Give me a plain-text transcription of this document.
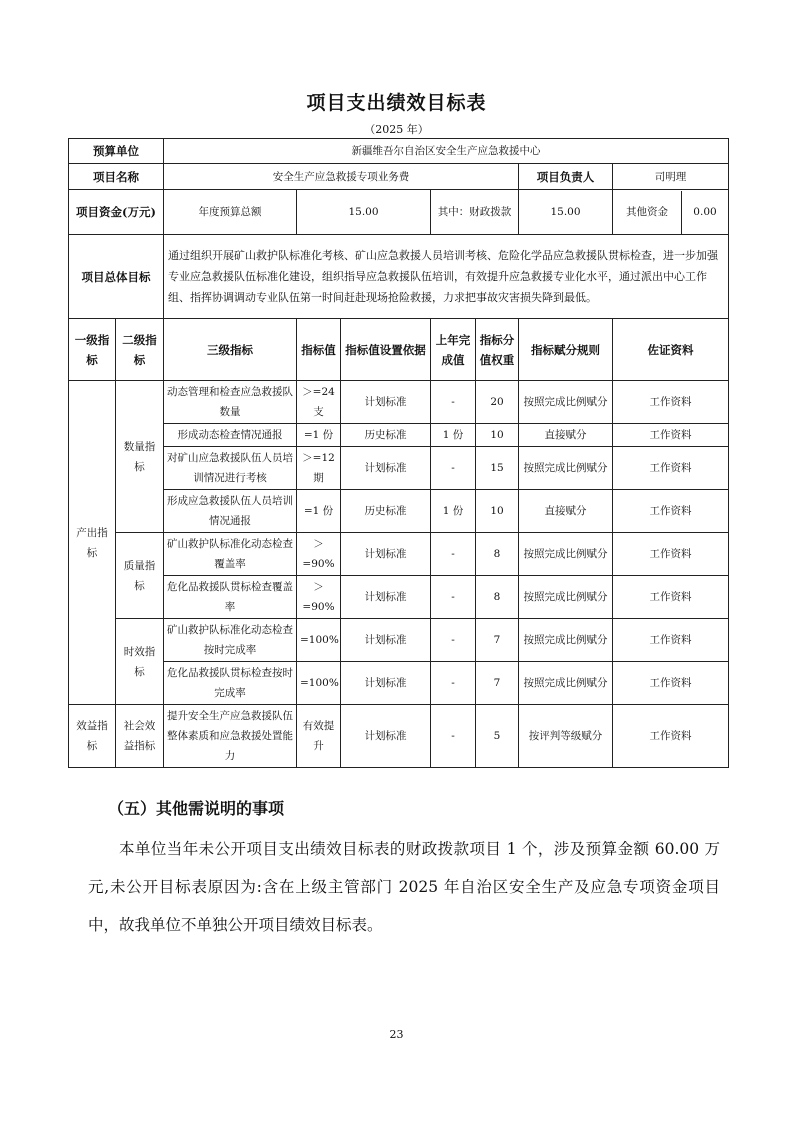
项目支出绩效目标表
（2025 年）
预算单位		新疆维吾尔自治区安全生产应急救援中心						
项目名称		安全生产应急救援专项业务费					项目负责人	司明理
项目资金(万元)		年度预算总额	15.00		其中：财政拨款		15.00	其他资金 0.00

项目总体目标		通过组织开展矿山救护队标准化考核、矿山应急救援人员培训考核、危险化学品应急救援队贯标检查，进一步加强专业应急救援队伍标准化建设，组织指导应急救援队伍培训，有效提升应急救援专业化水平，通过派出中心工作组、指挥协调调动专业队伍第一时间赶赴现场抢险救援，力求把事故灾害损失降到最低。						
一级指标	二级指标	三级指标	指标值	指标值设置依据	上年完成值	指标分值权重	指标赋分规则	佐证资料
产出指标	数量指标	动态管理和检查应急救援队数量	＞=24支	计划标准	-	20	按照完成比例赋分	工作资料
		形成动态检查情况通报	=1 份	历史标准	1 份	10	直接赋分	工作资料
		对矿山应急救援队伍人员培训情况进行考核	＞=12期	计划标准	-	15	按照完成比例赋分	工作资料
		形成应急救援队伍人员培训情况通报	=1 份	历史标准	1 份	10	直接赋分	工作资料
	质量指标	矿山救护队标准化动态检查覆盖率	＞=90%	计划标准	-	8	按照完成比例赋分	工作资料
		危化品救援队贯标检查覆盖率	＞=90%	计划标准	-	8	按照完成比例赋分	工作资料
	时效指标	矿山救护队标准化动态检查按时完成率	=100%	计划标准	-	7	按照完成比例赋分	工作资料
		危化品救援队贯标检查按时完成率	=100%	计划标准	-	7	按照完成比例赋分	工作资料
效益指标	社会效益指标	提升安全生产应急救援队伍整体素质和应急救援处置能力	有效提升	计划标准	-	5	按评判等级赋分	工作资料
（五）其他需说明的事项
本单位当年未公开项目支出绩效目标表的财政拨款项目 1 个，涉及预算金额 60.00 万元,未公开目标表原因为:含在上级主管部门 2025 年自治区安全生产及应急专项资金项目中，故我单位不单独公开项目绩效目标表。
23
